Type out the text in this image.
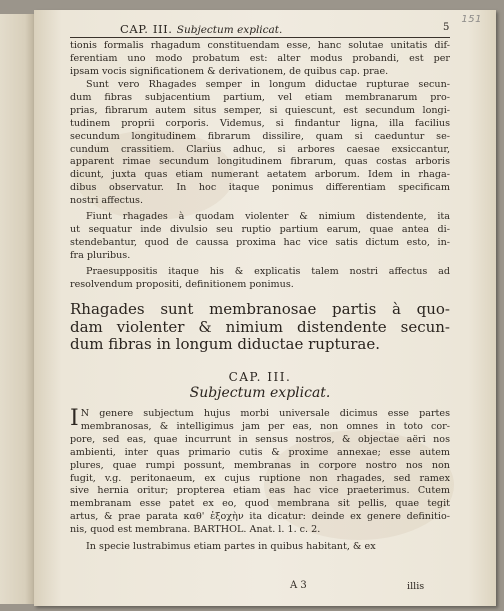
151
CAP. III. Subjectum explicat.	5
tionis formalis rhagadum constituendam esse, hanc solutae unitatis dif-
ferentiam uno modo probatum est: alter modus probandi, est per
ipsam vocis significationem & derivationem, de quibus cap. prae.
Sunt vero Rhagades semper in longum diductae rupturae secun-
dum fibras subjacentium partium, vel etiam membranarum pro-
prias, fibrarum autem situs semper, si quiescunt, est secundum longi-
tudinem proprii corporis. Videmus, si findantur ligna, illa facilius
secundum longitudinem fibrarum dissilire, quam si caeduntur se-
cundum crassitiem. Clarius adhuc, si arbores caesae exsiccantur,
apparent rimae secundum longitudinem fibrarum, quas costas arboris
dicunt, juxta quas etiam numerant aetatem arborum. Idem in rhaga-
dibus observatur. In hoc itaque ponimus differentiam specificam
nostri affectus.
Fiunt rhagades à quodam violenter & nimium distendente, ita
ut sequatur inde divulsio seu ruptio partium earum, quae antea di-
stendebantur, quod de caussa proxima hac vice satis dictum esto, in-
fra pluribus.
Praesuppositis itaque his & explicatis talem nostri affectus ad
resolvendum propositi, definitionem ponimus.
Rhagades sunt membranosae partis à quo-
dam violenter & nimium distendente secun-
dum fibras in longum diductae rupturae.
CAP. III.
Subjectum explicat.
I N genere subjectum hujus morbi universale dicimus esse partes
membranosas, & intelligimus jam per eas, non omnes in toto cor-
pore, sed eas, quae incurrunt in sensus nostros, & objectae aëri nos
ambienti, inter quas primario cutis & proxime annexae; esse autem
plures, quae rumpi possunt, membranas in corpore nostro nos non
fugit, v.g. peritonaeum, ex cujus ruptione non rhagades, sed ramex
sive hernia oritur; propterea etiam eas hac vice praeterimus. Cutem
membranam esse patet ex eo, quod membrana sit pellis, quae tegit
artus, & prae parata καθ' ἐξοχὴν ita dicatur: deinde ex genere definitio-
nis, quod est membrana. BARTHOL. Anat. l. 1. c. 2.
In specie lustrabimus etiam partes in quibus habitant, & ex
A 3	illis
